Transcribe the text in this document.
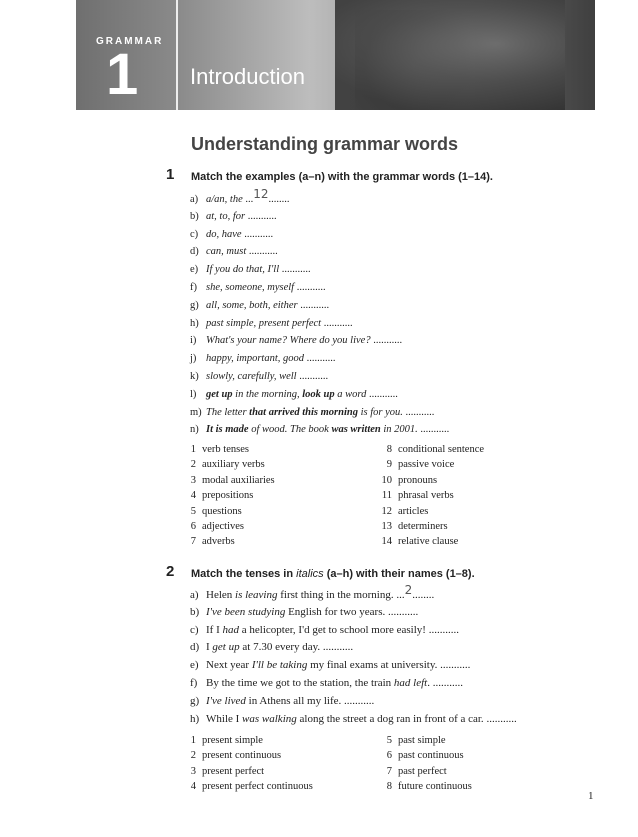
GRAMMAR
1 Introduction
Understanding grammar words
1 Match the examples (a–n) with the grammar words (1–14).
a) a/an, the ...12........
b) at, to, for ...........
c) do, have ...........
d) can, must ...........
e) If you do that, I'll ...........
f) she, someone, myself ...........
g) all, some, both, either ...........
h) past simple, present perfect ...........
i) What's your name? Where do you live? ...........
j) happy, important, good ...........
k) slowly, carefully, well ...........
l) get up in the morning, look up a word ...........
m) The letter that arrived this morning is for you. ...........
n) It is made of wood. The book was written in 2001. ...........
1 verb tenses
2 auxiliary verbs
3 modal auxiliaries
4 prepositions
5 questions
6 adjectives
7 adverbs
8 conditional sentence
9 passive voice
10 pronouns
11 phrasal verbs
12 articles
13 determiners
14 relative clause
2 Match the tenses in italics (a–h) with their names (1–8).
a) Helen is leaving first thing in the morning. ...2........
b) I've been studying English for two years. ...........
c) If I had a helicopter, I'd get to school more easily! ...........
d) I get up at 7.30 every day. ...........
e) Next year I'll be taking my final exams at university. ...........
f) By the time we got to the station, the train had left. ...........
g) I've lived in Athens all my life. ...........
h) While I was walking along the street a dog ran in front of a car. ...........
1 present simple
2 present continuous
3 present perfect
4 present perfect continuous
5 past simple
6 past continuous
7 past perfect
8 future continuous
1
